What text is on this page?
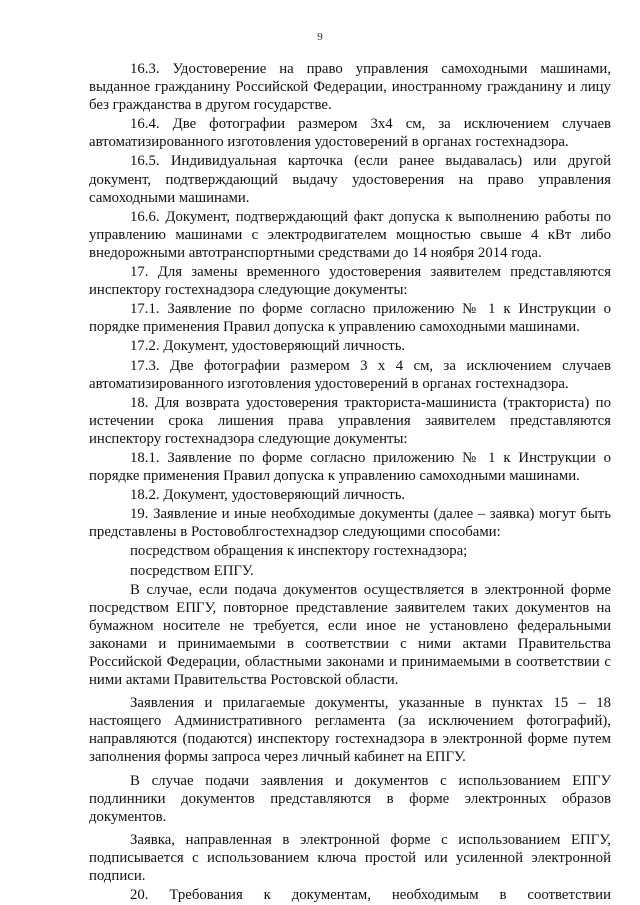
9

16.3. Удостоверение на право управления самоходными машинами, выданное гражданину Российской Федерации, иностранному гражданину и лицу без гражданства в другом государстве.

16.4. Две фотографии размером 3х4 см, за исключением случаев автоматизированного изготовления удостоверений в органах гостехнадзора.

16.5. Индивидуальная карточка (если ранее выдавалась) или другой документ, подтверждающий выдачу удостоверения на право управления самоходными машинами.

16.6. Документ, подтверждающий факт допуска к выполнению работы по управлению машинами с электродвигателем мощностью свыше 4 кВт либо внедорожными автотранспортными средствами до 14 ноября 2014 года.

17. Для замены временного удостоверения заявителем представляются инспектору гостехнадзора следующие документы:

17.1. Заявление по форме согласно приложению № 1 к Инструкции о порядке применения Правил допуска к управлению самоходными машинами.

17.2. Документ, удостоверяющий личность.

17.3. Две фотографии размером 3 х 4 см, за исключением случаев автоматизированного изготовления удостоверений в органах гостехнадзора.

18. Для возврата удостоверения тракториста-машиниста (тракториста) по истечении срока лишения права управления заявителем представляются инспектору гостехнадзора следующие документы:

18.1. Заявление по форме согласно приложению № 1 к Инструкции о порядке применения Правил допуска к управлению самоходными машинами.

18.2. Документ, удостоверяющий личность.

19. Заявление и иные необходимые документы (далее – заявка) могут быть представлены в Ростовоблгостехнадзор следующими способами:

посредством обращения к инспектору гостехнадзора;

посредством ЕПГУ.

В случае, если подача документов осуществляется в электронной форме посредством ЕПГУ, повторное представление заявителем таких документов на бумажном носителе не требуется, если иное не установлено федеральными законами и принимаемыми в соответствии с ними актами Правительства Российской Федерации, областными законами и принимаемыми в соответствии с ними актами Правительства Ростовской области.

Заявления и прилагаемые документы, указанные в пунктах 15 – 18 настоящего Административного регламента (за исключением фотографий), направляются (подаются) инспектору гостехнадзора в электронной форме путем заполнения формы запроса через личный кабинет на ЕПГУ.

В случае подачи заявления и документов с использованием ЕПГУ подлинники документов представляются в форме электронных образов документов.

Заявка, направленная в электронной форме с использованием ЕПГУ, подписывается с использованием ключа простой или усиленной электронной подписи.

20. Требования к документам, необходимым в соответствии
